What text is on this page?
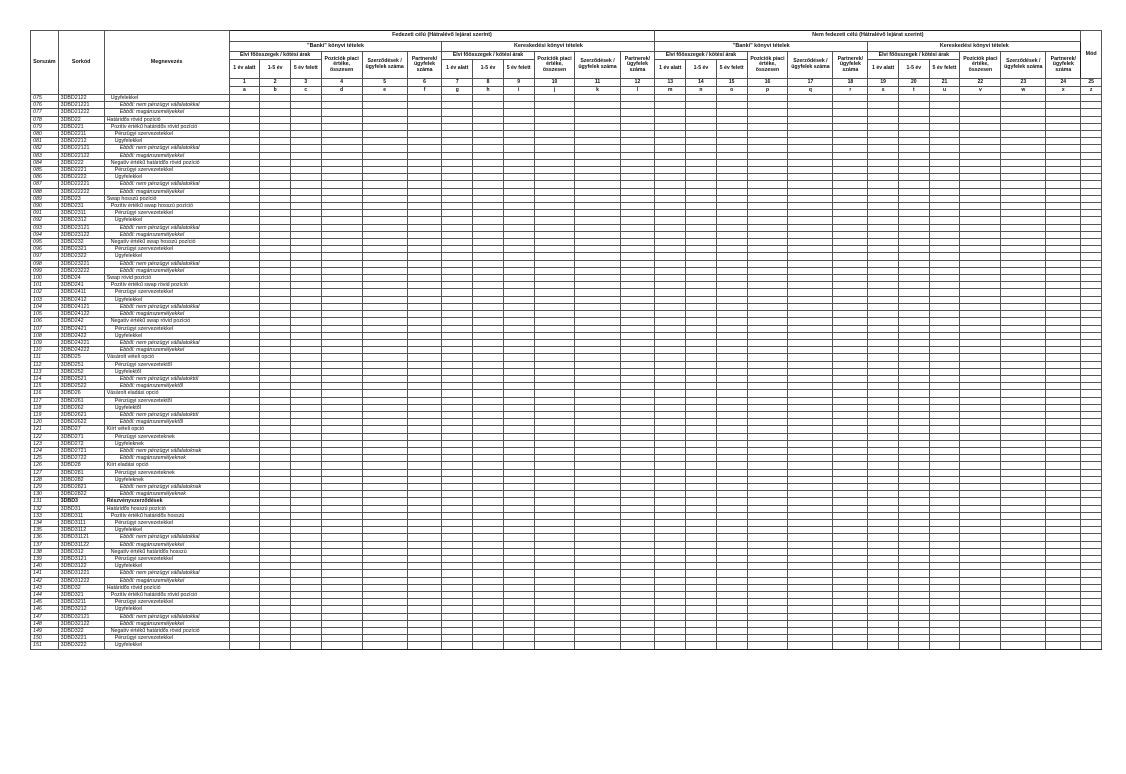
Sorszám	Sorkód	Megnevezés	Fedezeti célú (Hátralévő lejárat szerint)												Nem fedezeti célú (Hátralévő lejárat szerint)												Mód
			"Banki" könyvi tételek						Kereskedési könyvi tételek						"Banki" könyvi tételek						Kereskedési könyvi tételek						
			Elvi főösszegek / kötési árak			Pozíciók piaci értéke, összesen	Szerződések / ügyfelek száma	Partnerek/ ügyfelek száma	Elvi főösszegek / kötési árak			Pozíciók piaci értéke, összesen	Szerződések / ügyfelek száma	Partnerek/ ügyfelek száma	Elvi főösszegek / kötési árak			Pozíciók piaci értéke, összesen	Szerződések / ügyfelek száma	Partnerek/ ügyfelek száma	Elvi főösszegek / kötési árak			Pozíciók piaci értéke, összesen	Szerződések / ügyfelek száma	Partnerek/ ügyfelek száma	
			1 év alatt	1-5 év	5 év felett				1 év alatt	1-5 év	5 év felett				1 év alatt	1-5 év	5 év felett				1 év alatt	1-5 év	5 év felett				
			1	2	3	4	5	6	7	8	9	10	11	12	13	14	15	16	17	18	19	20	21	22	23	24	25
			a	b	c	d	e	f	g	h	i	j	k	l	m	n	o	p	q	r	s	t	u	v	w	x	z
075	3DBD2122	Ügyfelekkel																									
076	3DBD21221	Ebből: nem pénzügyi vállalatokkal																									
077	3DBD21222	Ebből: magánszemélyekkel																									
078	3DBD22	Határidős rövid pozíció																									
079	3DBD221	Pozitív értékű határidős rövid pozíció																									
080	3DBD2211	Pénzügyi szervezetekkel																									
081	3DBD2212	Ügyfelekkel																									
082	3DBD22121	Ebből: nem pénzügyi vállalatokkal																									
083	3DBD22122	Ebből: magánszemélyekkel																									
084	3DBD222	Negatív értékű határidős rövid pozíció																									
085	3DBD2221	Pénzügyi szervezetekkel																									
086	3DBD2222	Ügyfelekkel																									
087	3DBD22221	Ebből: nem pénzügyi vállalatokkal																									
088	3DBD22222	Ebből: magánszemélyekkel																									
089	3DBD23	Swap hosszú pozíció																									
090	3DBD231	Pozitív értékű swap hosszú pozíció																									
091	3DBD2311	Pénzügyi szervezetekkel																									
092	3DBD2312	Ügyfelekkel																									
093	3DBD23121	Ebből: nem pénzügyi vállalatokkal																									
094	3DBD23122	Ebből: magánszemélyekkel																									
095	3DBD232	Negatív értékű swap hosszú pozíció																									
096	3DBD2321	Pénzügyi szervezetekkel																									
097	3DBD2322	Ügyfelekkel																									
098	3DBD23221	Ebből: nem pénzügyi vállalatokkal																									
099	3DBD23222	Ebből: magánszemélyekkel																									
100	3DBD24	Swap rövid pozíció																									
101	3DBD241	Pozitív értékű swap rövid pozíció																									
102	3DBD2411	Pénzügyi szervezetekkel																									
103	3DBD2412	Ügyfelekkel																									
104	3DBD24121	Ebből: nem pénzügyi vállalatokkal																									
105	3DBD24122	Ebből: magánszemélyekkel																									
106	3DBD242	Negatív értékű swap rövid pozíció																									
107	3DBD2421	Pénzügyi szervezetekkel																									
108	3DBD2422	Ügyfelekkel																									
109	3DBD24221	Ebből: nem pénzügyi vállalatokkal																									
110	3DBD24222	Ebből: magánszemélyekkel																									
111	3DBD25	Vásárolt vételi opció																									
112	3DBD251	Pénzügyi szervezetektől																									
113	3DBD252	Ügyfelektől																									
114	3DBD2521	Ebből: nem pénzügyi vállalatoktól																									
115	3DBD2522	Ebből: magánszemélyektől																									
116	3DBD26	Vásárolt eladási opció																									
117	3DBD261	Pénzügyi szervezetektől																									
118	3DBD262	Ügyfelektől																									
119	3DBD2621	Ebből: nem pénzügyi vállalatoktól																									
120	3DBD2622	Ebből: magánszemélyektől																									
121	3DBD27	Kiírt vételi opció																									
122	3DBD271	Pénzügyi szervezeteknek																									
123	3DBD272	Ügyfeleknek																									
124	3DBD2721	Ebből: nem pénzügyi vállalatoknak																									
125	3DBD2722	Ebből: magánszemélyeknek																									
126	3DBD28	Kiírt eladási opció																									
127	3DBD281	Pénzügyi szervezeteknek																									
128	3DBD282	Ügyfeleknek																									
129	3DBD2821	Ebből: nem pénzügyi vállalatoknak																									
130	3DBD2822	Ebből: magánszemélyeknek																									
131	3DBD3	Részvényszerződések																									
132	3DBD31	Határidős hosszú pozíció																									
133	3DBD311	Pozitív értékű határidős hosszú																									
134	3DBD3111	Pénzügyi szervezetekkel																									
135	3DBD3112	Ügyfelekkel																									
136	3DBD31121	Ebből: nem pénzügyi vállalatokkal																									
137	3DBD31122	Ebből: magánszemélyekkel																									
138	3DBD312	Negatív értékű határidős hosszú																									
139	3DBD3121	Pénzügyi szervezetekkel																									
140	3DBD3122	Ügyfelekkel																									
141	3DBD31221	Ebből: nem pénzügyi vállalatokkal																									
142	3DBD31222	Ebből: magánszemélyekkel																									
143	3DBD32	Határidős rövid pozíció																									
144	3DBD321	Pozitív értékű határidős rövid pozíció																									
145	3DBD3211	Pénzügyi szervezetekkel																									
146	3DBD3212	Ügyfelekkel																									
147	3DBD32121	Ebből: nem pénzügyi vállalatokkal																									
148	3DBD32122	Ebből: magánszemélyekkel																									
149	3DBD322	Negatív értékű határidős rövid pozíció																									
150	3DBD3221	Pénzügyi szervezetekkel																									
151	3DBD3222	Ügyfelekkel																									
